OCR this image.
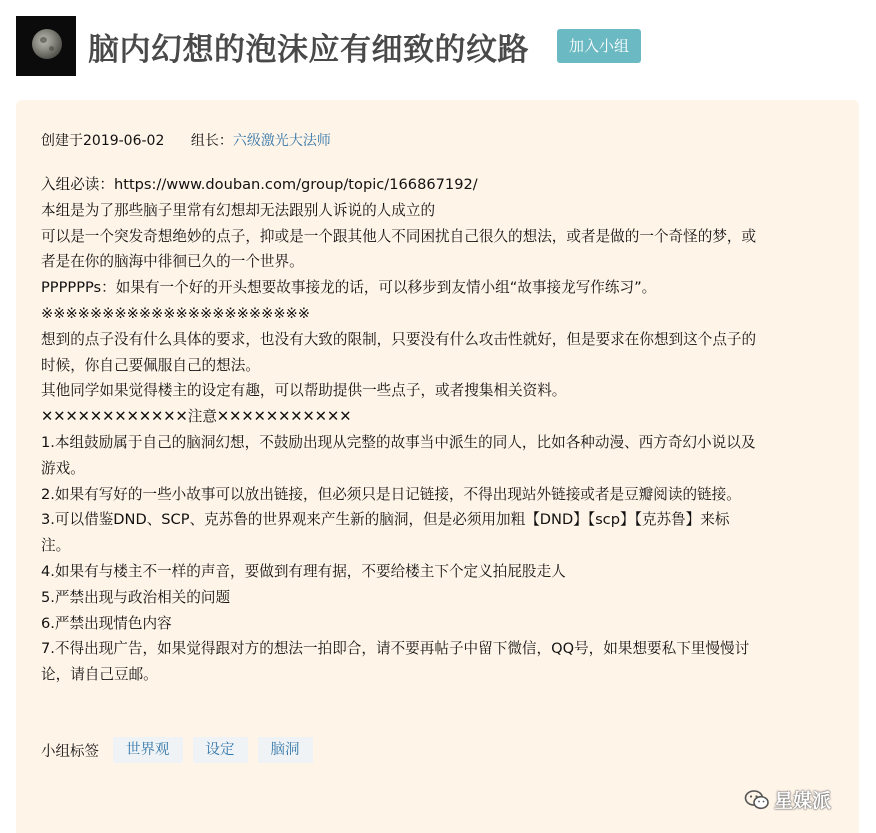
脑内幻想的泡沫应有细致的纹路	加入小组
创建于2019-06-02 组长：六级激光大法师
入组必读：https://www.douban.com/group/topic/166867192/
本组是为了那些脑子里常有幻想却无法跟别人诉说的人成立的
可以是一个突发奇想绝妙的点子，抑或是一个跟其他人不同困扰自己很久的想法，或者是做的一个奇怪的梦，或
者是在你的脑海中徘徊已久的一个世界。
PPPPPPs：如果有一个好的开头想要故事接龙的话，可以移步到友情小组“故事接龙写作练习”。
※※※※※※※※※※※※※※※※※※※※※※
想到的点子没有什么具体的要求，也没有大致的限制，只要没有什么攻击性就好，但是要求在你想到这个点子的
时候，你自己要佩服自己的想法。
其他同学如果觉得楼主的设定有趣，可以帮助提供一些点子，或者搜集相关资料。
✕✕✕✕✕✕✕✕✕✕✕✕注意✕✕✕✕✕✕✕✕✕✕✕
1.本组鼓励属于自己的脑洞幻想，不鼓励出现从完整的故事当中派生的同人，比如各种动漫、西方奇幻小说以及
游戏。
2.如果有写好的一些小故事可以放出链接，但必须只是日记链接，不得出现站外链接或者是豆瓣阅读的链接。
3.可以借鉴DND、SCP、克苏鲁的世界观来产生新的脑洞，但是必须用加粗【DND】【scp】【克苏鲁】来标
注。
4.如果有与楼主不一样的声音，要做到有理有据，不要给楼主下个定义拍屁股走人
5.严禁出现与政治相关的问题
6.严禁出现情色内容
7.不得出现广告，如果觉得跟对方的想法一拍即合，请不要再帖子中留下微信，QQ号，如果想要私下里慢慢讨
论，请自己豆邮。
小组标签	世界观	设定	脑洞
星媒派
